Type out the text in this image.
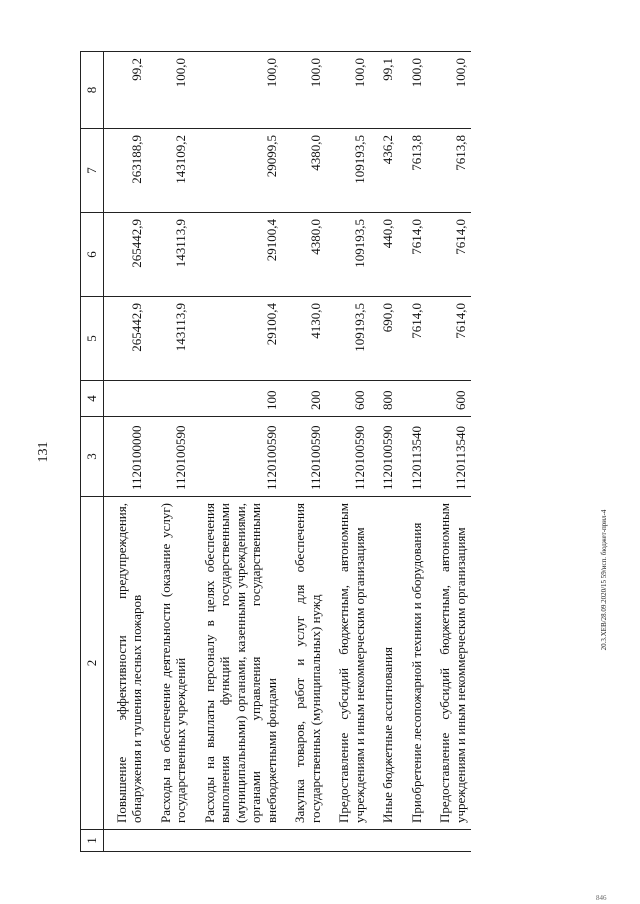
131
20.3.XEB/28.09.2020/15 59/исп. бюджет-прил-4
846
1	2	3	4	5	6	7	8
	Повышение эффективности предупреждения, обнаружения и тушения лесных пожаров	1120100000		265442,9	265442,9	263188,9	99,2
	Расходы на обеспечение деятельности (оказание услуг) государственных учреждений	1120100590		143113,9	143113,9	143109,2	100,0
	Расходы на выплаты персоналу в целях обеспечения выполнения функций государственными (муниципальными) органами, казенными учреждениями, органами управления государственными внебюджетными фондами	1120100590	100	29100,4	29100,4	29099,5	100,0
	Закупка товаров, работ и услуг для обеспечения государственных (муниципальных) нужд	1120100590	200	4130,0	4380,0	4380,0	100,0
	Предоставление субсидий бюджетным, автономным учреждениям и иным некоммерческим организациям	1120100590	600	109193,5	109193,5	109193,5	100,0
	Иные бюджетные ассигнования	1120100590	800	690,0	440,0	436,2	99,1
	Приобретение лесопожарной техники и оборудования	1120113540		7614,0	7614,0	7613,8	100,0
	Предоставление субсидий бюджетным, автономным учреждениям и иным некоммерческим организациям	1120113540	600	7614,0	7614,0	7613,8	100,0
